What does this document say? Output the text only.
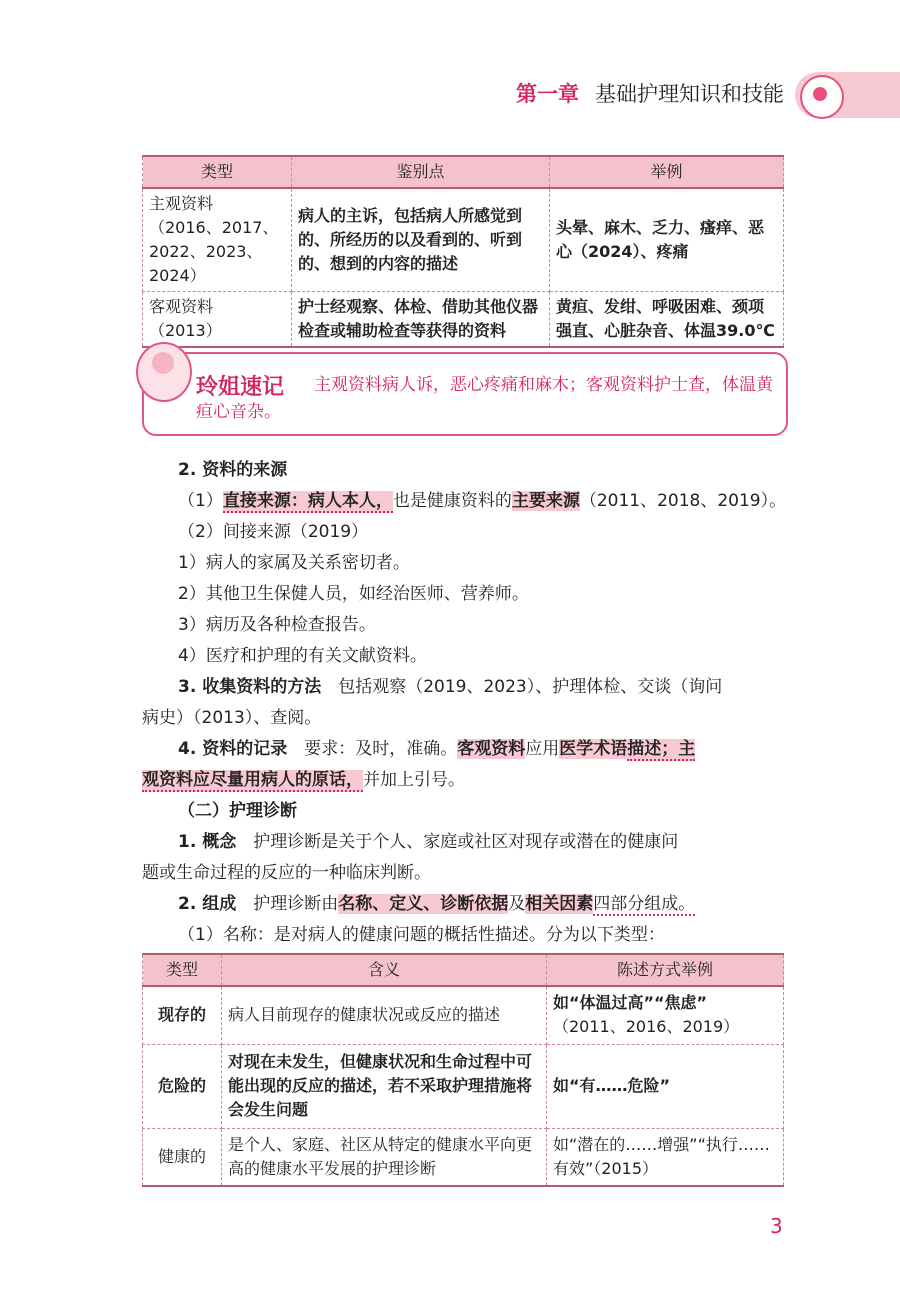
第一章 基础护理知识和技能
类型	鉴别点	举例
主观资料
（2016、2017、2022、2023、2024）	病人的主诉，包括病人所感觉到的、所经历的以及看到的、听到的、想到的内容的描述	头晕、麻木、乏力、瘙痒、恶心（2024）、疼痛
客观资料
（2013）	护士经观察、体检、借助其他仪器检查或辅助检查等获得的资料	黄疸、发绀、呼吸困难、颈项强直、心脏杂音、体温39.0℃
玲姐速记	主观资料病人诉，恶心疼痛和麻木；客观资料护士查，体温黄疸心音杂。
2. 资料的来源
（1）直接来源：病人本人，也是健康资料的主要来源（2011、2018、2019）。
（2）间接来源（2019）
1）病人的家属及关系密切者。
2）其他卫生保健人员，如经治医师、营养师。
3）病历及各种检查报告。
4）医疗和护理的有关文献资料。
3. 收集资料的方法　 包括观察（2019、2023）、护理体检、交谈（询问
病史）（2013）、查阅。
4. 资料的记录　 要求：及时，准确。客观资料应用医学术语描述；主
观资料应尽量用病人的原话，并加上引号。
（二）护理诊断
1. 概念　 护理诊断是关于个人、家庭或社区对现存或潜在的健康问
题或生命过程的反应的一种临床判断。
2. 组成　 护理诊断由名称、定义、诊断依据及相关因素四部分组成。
（1）名称：是对病人的健康问题的概括性描述。分为以下类型：
类型	含义	陈述方式举例
现存的	病人目前现存的健康状况或反应的描述	如“体温过高”“焦虑”
（2011、2016、2019）
危险的	对现在未发生，但健康状况和生命过程中可能出现的反应的描述，若不采取护理措施将会发生问题	如“有……危险”
健康的	是个人、家庭、社区从特定的健康水平向更高的健康水平发展的护理诊断	如“潜在的……增强”“执行……有效”（2015）
3
